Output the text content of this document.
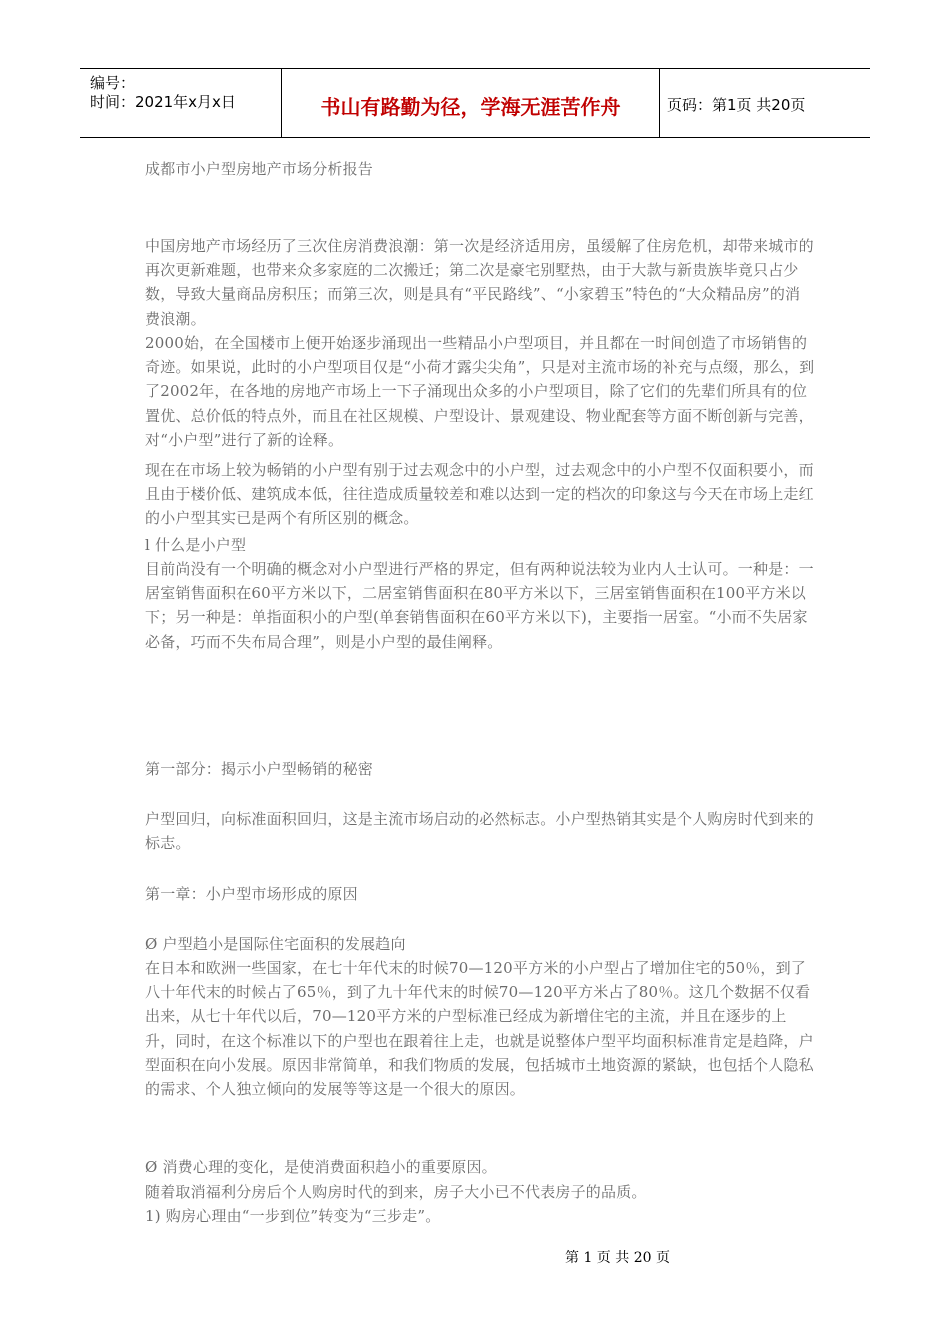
编号：
时间：2021年x月x日	书山有路勤为径，学海无涯苦作舟	页码：第1页 共20页

成都市小户型房地产市场分析报告

中国房地产市场经历了三次住房消费浪潮：第一次是经济适用房，虽缓解了住房危机，却带来城市的再次更新难题，也带来众多家庭的二次搬迁；第二次是豪宅别墅热，由于大款与新贵族毕竟只占少数，导致大量商品房积压；而第三次，则是具有“平民路线”、“小家碧玉”特色的“大众精品房”的消费浪潮。

2000始，在全国楼市上便开始逐步涌现出一些精品小户型项目，并且都在一时间创造了市场销售的奇迹。如果说，此时的小户型项目仅是“小荷才露尖尖角”，只是对主流市场的补充与点缀，那么，到了2002年，在各地的房地产市场上一下子涌现出众多的小户型项目，除了它们的先辈们所具有的位置优、总价低的特点外，而且在社区规模、户型设计、景观建设、物业配套等方面不断创新与完善，对“小户型”进行了新的诠释。

现在在市场上较为畅销的小户型有别于过去观念中的小户型，过去观念中的小户型不仅面积要小，而且由于楼价低、建筑成本低，往往造成质量较差和难以达到一定的档次的印象这与今天在市场上走红的小户型其实已是两个有所区别的概念。

l 什么是小户型

目前尚没有一个明确的概念对小户型进行严格的界定，但有两种说法较为业内人士认可。一种是：一居室销售面积在60平方米以下，二居室销售面积在80平方米以下，三居室销售面积在100平方米以下；另一种是：单指面积小的户型(单套销售面积在60平方米以下)，主要指一居室。“小而不失居家必备，巧而不失布局合理”，则是小户型的最佳阐释。

第一部分：揭示小户型畅销的秘密

户型回归，向标准面积回归，这是主流市场启动的必然标志。小户型热销其实是个人购房时代到来的标志。

第一章：小户型市场形成的原因

Ø 户型趋小是国际住宅面积的发展趋向

在日本和欧洲一些国家，在七十年代末的时候70—120平方米的小户型占了增加住宅的50％，到了八十年代末的时候占了65％，到了九十年代末的时候70—120平方米占了80％。这几个数据不仅看出来，从七十年代以后，70—120平方米的户型标准已经成为新增住宅的主流，并且在逐步的上升，同时，在这个标准以下的户型也在跟着往上走，也就是说整体户型平均面积标准肯定是趋降，户型面积在向小发展。原因非常简单，和我们物质的发展，包括城市土地资源的紧缺，也包括个人隐私的需求、个人独立倾向的发展等等这是一个很大的原因。

Ø 消费心理的变化，是使消费面积趋小的重要原因。

随着取消福利分房后个人购房时代的到来，房子大小已不代表房子的品质。

1) 购房心理由“一步到位”转变为“三步走”。

第 1 页 共 20 页
